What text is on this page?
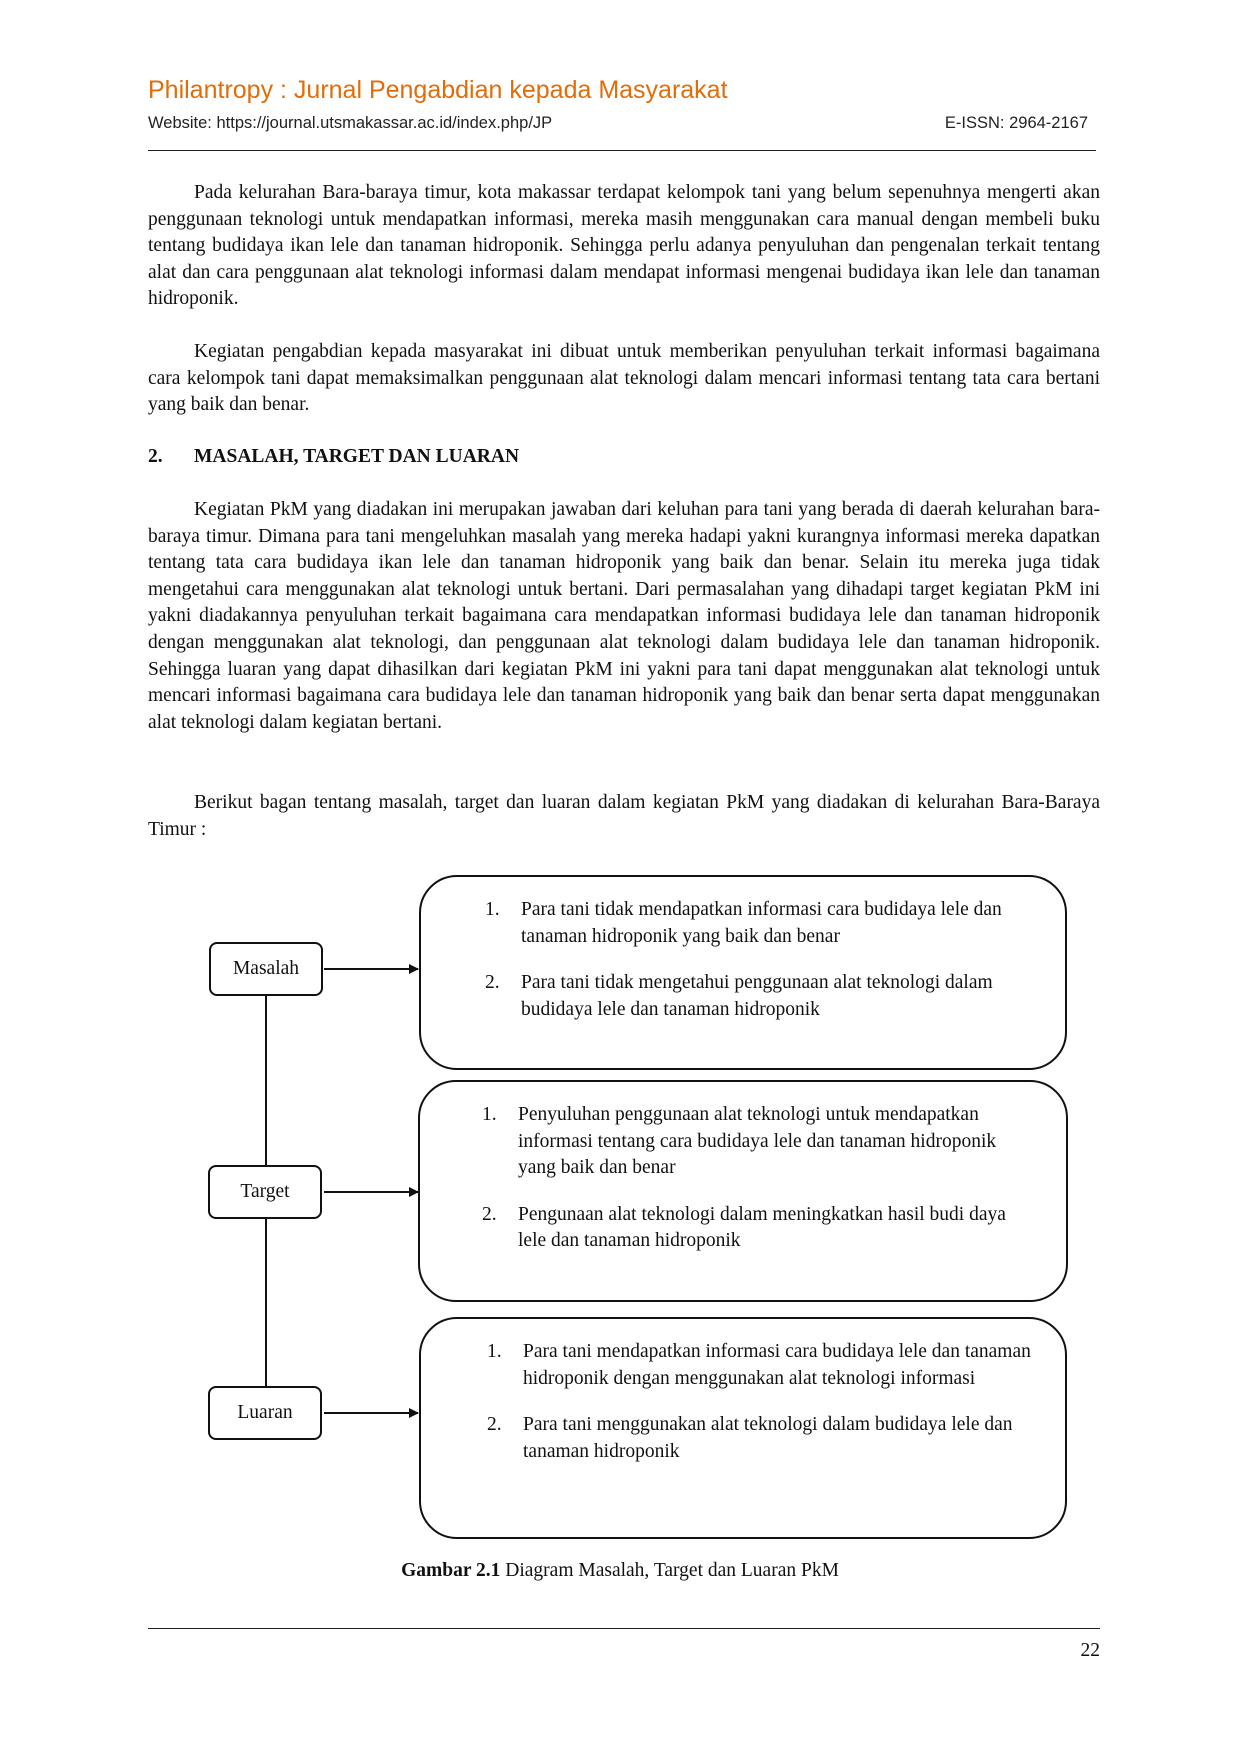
Philantropy : Jurnal Pengabdian kepada Masyarakat
Website: https://journal.utsmakassar.ac.id/index.php/JP	E-ISSN: 2964-2167

Pada kelurahan Bara-baraya timur, kota makassar terdapat kelompok tani yang belum sepenuhnya mengerti akan penggunaan teknologi untuk mendapatkan informasi, mereka masih menggunakan cara manual dengan membeli buku tentang budidaya ikan lele dan tanaman hidroponik. Sehingga perlu adanya penyuluhan dan pengenalan terkait tentang alat dan cara penggunaan alat teknologi informasi dalam mendapat informasi mengenai budidaya ikan lele dan tanaman hidroponik.

Kegiatan pengabdian kepada masyarakat ini dibuat untuk memberikan penyuluhan terkait informasi bagaimana cara kelompok tani dapat memaksimalkan penggunaan alat teknologi dalam mencari informasi tentang tata cara bertani yang baik dan benar.

2. MASALAH, TARGET DAN LUARAN

Kegiatan PkM yang diadakan ini merupakan jawaban dari keluhan para tani yang berada di daerah kelurahan bara-baraya timur. Dimana para tani mengeluhkan masalah yang mereka hadapi yakni kurangnya informasi mereka dapatkan tentang tata cara budidaya ikan lele dan tanaman hidroponik yang baik dan benar. Selain itu mereka juga tidak mengetahui cara menggunakan alat teknologi untuk bertani. Dari permasalahan yang dihadapi target kegiatan PkM ini yakni diadakannya penyuluhan terkait bagaimana cara mendapatkan informasi budidaya lele dan tanaman hidroponik dengan menggunakan alat teknologi, dan penggunaan alat teknologi dalam budidaya lele dan tanaman hidroponik. Sehingga luaran yang dapat dihasilkan dari kegiatan PkM ini yakni para tani dapat menggunakan alat teknologi untuk mencari informasi bagaimana cara budidaya lele dan tanaman hidroponik yang baik dan benar serta dapat menggunakan alat teknologi dalam kegiatan bertani.

Berikut bagan tentang masalah, target dan luaran dalam kegiatan PkM yang diadakan di kelurahan Bara-Baraya Timur :

Masalah
Target
Luaran
1. Para tani tidak mendapatkan informasi cara budidaya lele dan tanaman hidroponik yang baik dan benar
2. Para tani tidak mengetahui penggunaan alat teknologi dalam budidaya lele dan tanaman hidroponik
1. Penyuluhan penggunaan alat teknologi untuk mendapatkan informasi tentang cara budidaya lele dan tanaman hidroponik yang baik dan benar
2. Pengunaan alat teknologi dalam meningkatkan hasil budi daya lele dan tanaman hidroponik
1. Para tani mendapatkan informasi cara budidaya lele dan tanaman hidroponik dengan menggunakan alat teknologi informasi
2. Para tani menggunakan alat teknologi dalam budidaya lele dan tanaman hidroponik
Gambar 2.1 Diagram Masalah, Target dan Luaran PkM
22
